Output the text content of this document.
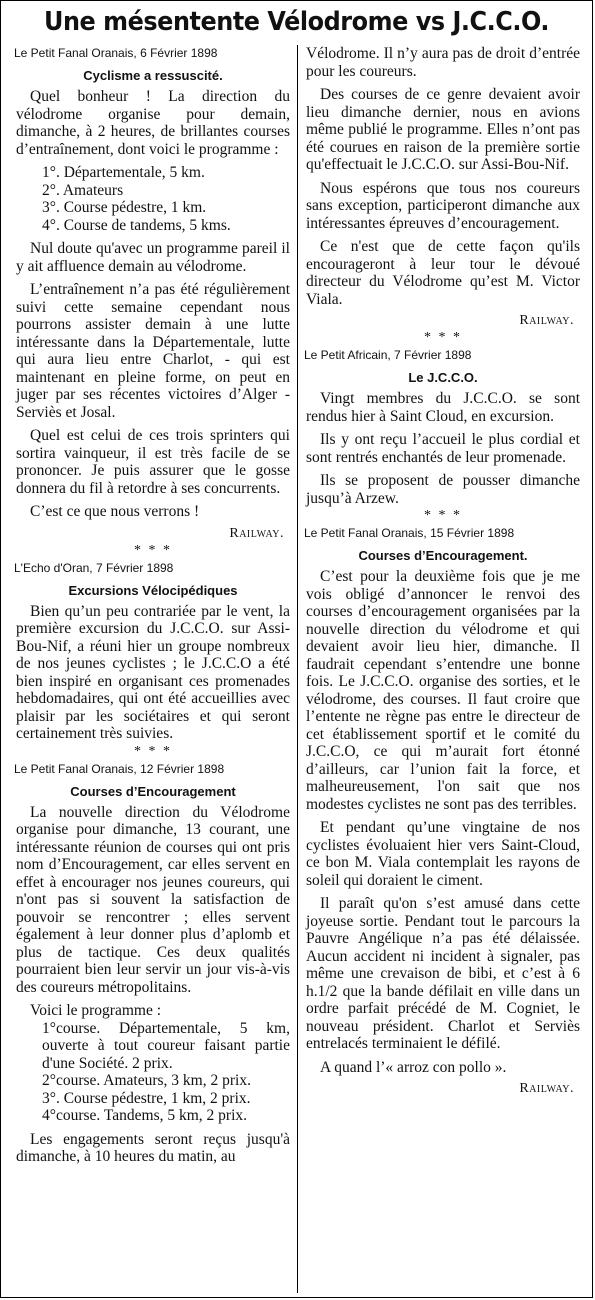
Une mésentente Vélodrome vs J.C.C.O.
Le Petit Fanal Oranais, 6 Février 1898
Cyclisme a ressuscité.

Quel bonheur ! La direction du vélodrome organise pour demain, dimanche, à 2 heures, de brillantes courses d’entraînement, dont voici le programme :

1°. Départementale, 5 km.
2°. Amateurs
3°. Course pédestre, 1 km.
4°. Course de tandems, 5 kms.

Nul doute qu'avec un programme pareil il y ait affluence demain au vélodrome.

L’entraînement n’a pas été régulièrement suivi cette semaine cependant nous pourrons assister demain à une lutte intéressante dans la Départementale, lutte qui aura lieu entre Charlot, - qui est maintenant en pleine forme, on peut en juger par ses récentes victoires d’Alger - Serviès et Josal.

Quel est celui de ces trois sprinters qui sortira vainqueur, il est très facile de se prononcer. Je puis assurer que le gosse donnera du fil à retordre à ses concurrents.

C’est ce que nous verrons !

Railway.
* * *
L'Echo d'Oran, 7 Février 1898
Excursions Vélocipédiques

Bien qu’un peu contrariée par le vent, la première excursion du J.C.C.O. sur Assi-Bou-Nif, a réuni hier un groupe nombreux de nos jeunes cyclistes ; le J.C.C.O a été bien inspiré en organisant ces promenades hebdomadaires, qui ont été accueillies avec plaisir par les sociétaires et qui seront certainement très suivies.

* * *
Le Petit Fanal Oranais, 12 Février 1898
Courses d’Encouragement

La nouvelle direction du Vélodrome organise pour dimanche, 13 courant, une intéressante réunion de courses qui ont pris nom d’Encouragement, car elles servent en effet à encourager nos jeunes coureurs, qui n'ont pas si souvent la satisfaction de pouvoir se rencontrer ; elles servent également à leur donner plus d’aplomb et plus de tactique. Ces deux qualités pourraient bien leur servir un jour vis-à-vis des coureurs métropolitains.

Voici le programme :

1°course. Départementale, 5 km, ouverte à tout coureur faisant partie d'une Société. 2 prix.
2°course. Amateurs, 3 km, 2 prix.
3°. Course pédestre, 1 km, 2 prix.
4°course. Tandems, 5 km, 2 prix.

Les engagements seront reçus jusqu'à dimanche, à 10 heures du matin, au

Vélodrome. Il n’y aura pas de droit d’entrée pour les coureurs.

Des courses de ce genre devaient avoir lieu dimanche dernier, nous en avions même publié le programme. Elles n’ont pas été courues en raison de la première sortie qu'effectuait le J.C.C.O. sur Assi-Bou-Nif.

Nous espérons que tous nos coureurs sans exception, participeront dimanche aux intéressantes épreuves d’encouragement.

Ce n'est que de cette façon qu'ils encourageront à leur tour le dévoué directeur du Vélodrome qu’est M. Victor Viala.

Railway.
* * *
Le Petit Africain, 7 Février 1898
Le J.C.C.O.

Vingt membres du J.C.C.O. se sont rendus hier à Saint Cloud, en excursion.

Ils y ont reçu l’accueil le plus cordial et sont rentrés enchantés de leur promenade.

Ils se proposent de pousser dimanche jusqu’à Arzew.

* * *
Le Petit Fanal Oranais, 15 Février 1898
Courses d’Encouragement.

C’est pour la deuxième fois que je me vois obligé d’annoncer le renvoi des courses d’encouragement organisées par la nouvelle direction du vélodrome et qui devaient avoir lieu hier, dimanche. Il faudrait cependant s’entendre une bonne fois. Le J.C.C.O. organise des sorties, et le vélodrome, des courses. Il faut croire que l’entente ne règne pas entre le directeur de cet établissement sportif et le comité du J.C.C.O, ce qui m’aurait fort étonné d’ailleurs, car l’union fait la force, et malheureusement, l'on sait que nos modestes cyclistes ne sont pas des terribles.

Et pendant qu’une vingtaine de nos cyclistes évoluaient hier vers Saint-Cloud, ce bon M. Viala contemplait les rayons de soleil qui doraient le ciment.

Il paraît qu'on s’est amusé dans cette joyeuse sortie. Pendant tout le parcours la Pauvre Angélique n’a pas été délaissée. Aucun accident ni incident à signaler, pas même une crevaison de bibi, et c’est à 6 h.1/2 que la bande défilait en ville dans un ordre parfait précédé de M. Cogniet, le nouveau président. Charlot et Serviès entrelacés terminaient le défilé.

A quand l’« arroz con pollo ».

Railway.
